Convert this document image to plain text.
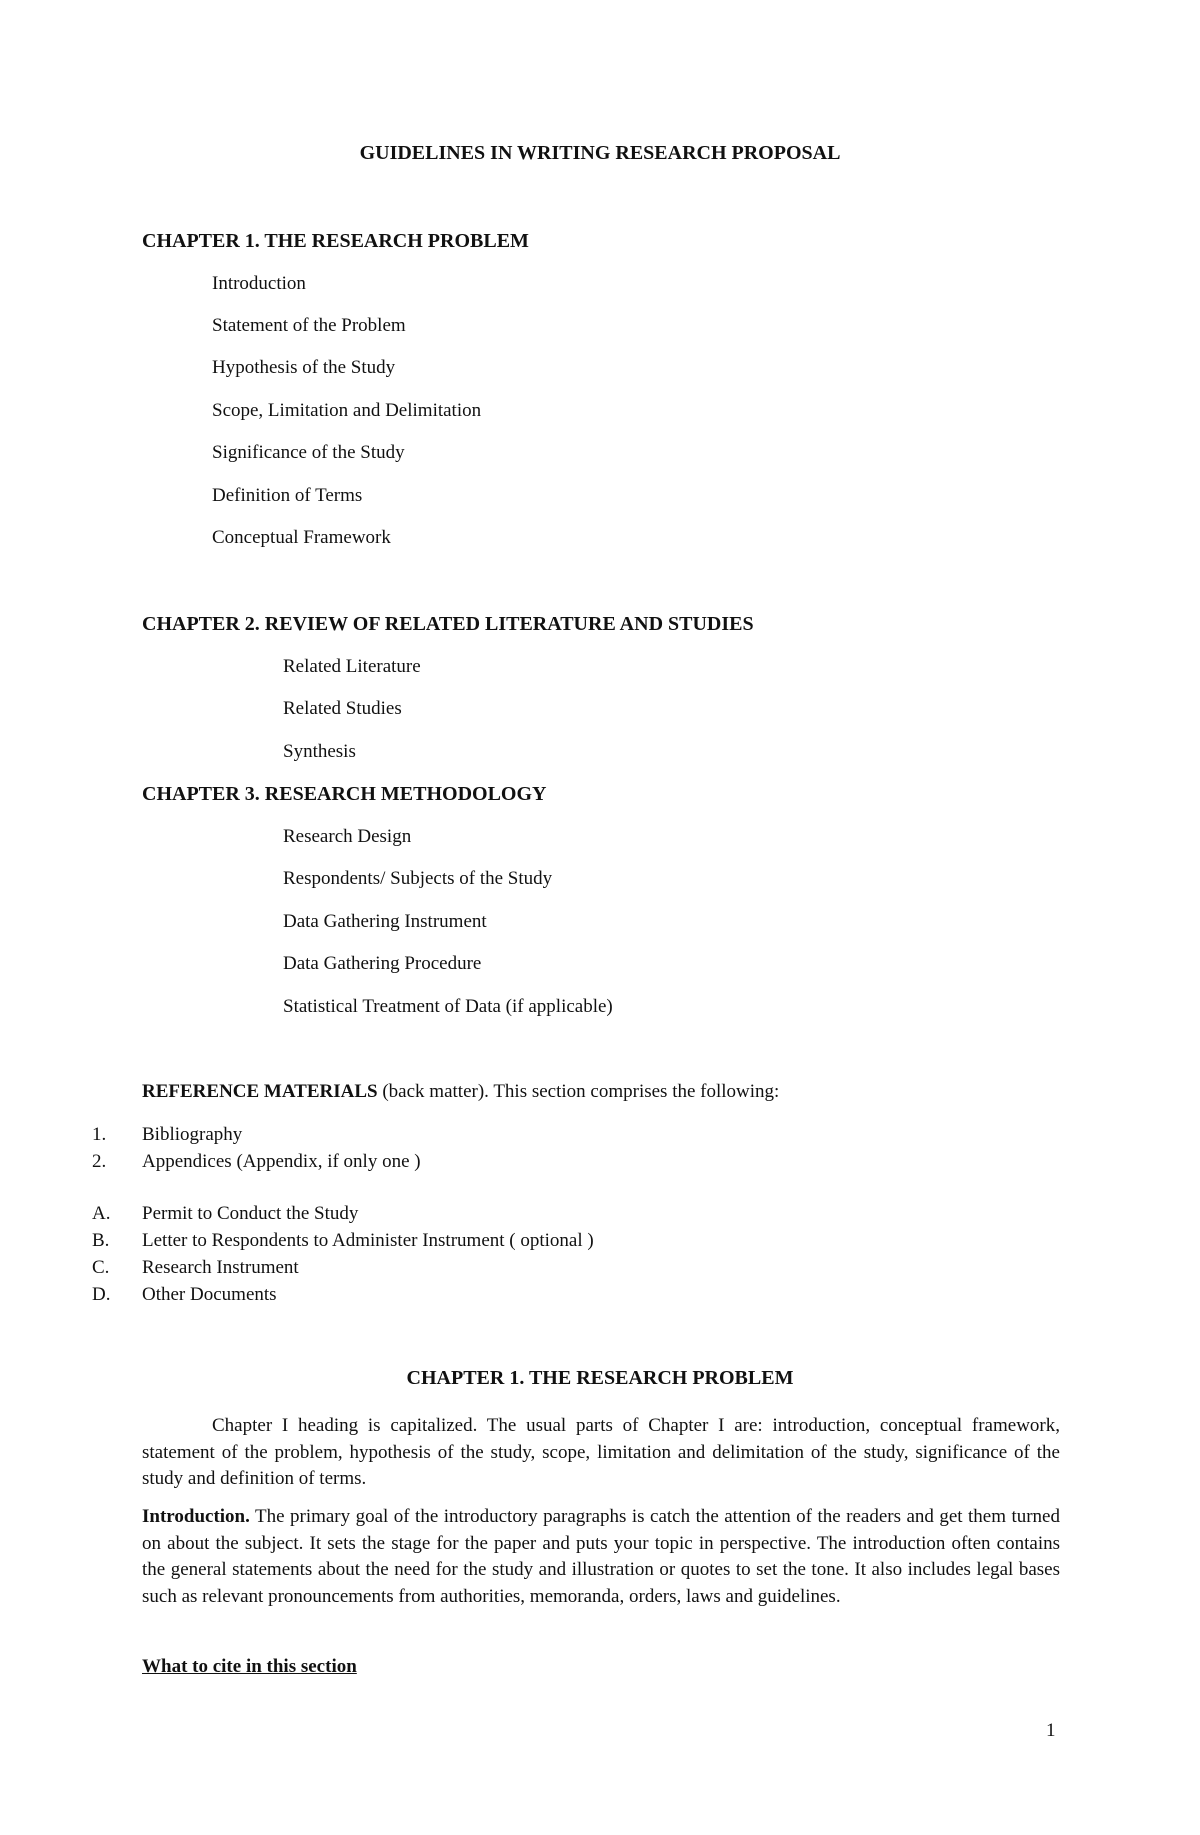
GUIDELINES IN WRITING RESEARCH PROPOSAL
CHAPTER 1. THE RESEARCH PROBLEM
Introduction
Statement of the Problem
Hypothesis of the Study
Scope, Limitation and Delimitation
Significance of the Study
Definition of Terms
Conceptual Framework
CHAPTER 2. REVIEW OF RELATED LITERATURE AND STUDIES
Related Literature
Related Studies
Synthesis
CHAPTER 3. RESEARCH METHODOLOGY
Research Design
Respondents/ Subjects of the Study
Data Gathering Instrument
Data Gathering Procedure
Statistical Treatment of Data (if applicable)
REFERENCE MATERIALS (back matter). This section comprises the following:
1. Bibliography
2. Appendices (Appendix, if only one )
A. Permit to Conduct the Study
B. Letter to Respondents to Administer Instrument ( optional )
C. Research Instrument
D. Other Documents
CHAPTER 1. THE RESEARCH PROBLEM
Chapter I heading is capitalized. The usual parts of Chapter I are: introduction, conceptual framework, statement of the problem, hypothesis of the study, scope, limitation and delimitation of the study, significance of the study and definition of terms.
Introduction. The primary goal of the introductory paragraphs is catch the attention of the readers and get them turned on about the subject. It sets the stage for the paper and puts your topic in perspective. The introduction often contains the general statements about the need for the study and illustration or quotes to set the tone. It also includes legal bases such as relevant pronouncements from authorities, memoranda, orders, laws and guidelines.
What to cite in this section
1
